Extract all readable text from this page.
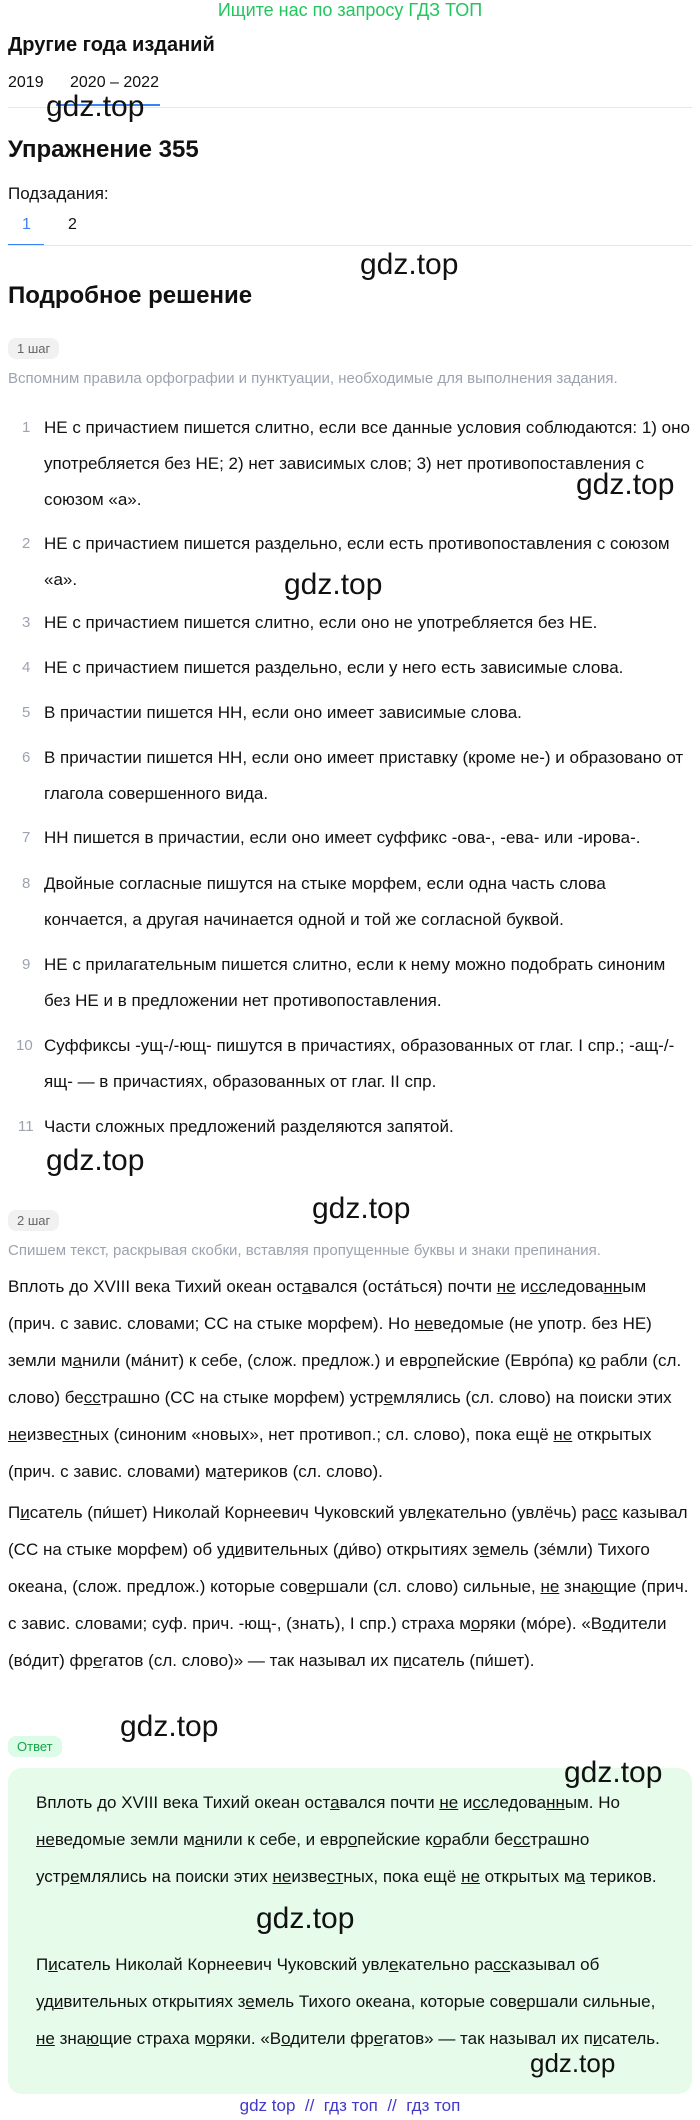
Ищите нас по запросу ГДЗ ТОП
Другие года изданий
2019 2020 – 2022
Упражнение 355
Подзадания:
1 2
Подробное решение
1 шаг
Вспомним правила орфографии и пунктуации, необходимые для выполнения задания.
1 НЕ с причастием пишется слитно, если все данные условия соблюдаются: 1) оно употребляется без НЕ; 2) нет зависимых слов; 3) нет противопоставления с союзом «а».
2 НЕ с причастием пишется раздельно, если есть противопоставления с союзом «а».
3 НЕ с причастием пишется слитно, если оно не употребляется без НЕ.
4 НЕ с причастием пишется раздельно, если у него есть зависимые слова.
5 В причастии пишется НН, если оно имеет зависимые слова.
6 В причастии пишется НН, если оно имеет приставку (кроме не-) и образовано от глагола совершенного вида.
7 НН пишется в причастии, если оно имеет суффикс -ова-, -ева- или -ирова-.
8 Двойные согласные пишутся на стыке морфем, если одна часть слова кончается, а другая начинается одной и той же согласной буквой.
9 НЕ с прилагательным пишется слитно, если к нему можно подобрать синоним без НЕ и в предложении нет противопоставления.
10 Суффиксы -ущ-/-ющ- пишутся в причастиях, образованных от глаг. I спр.; -ащ-/-ящ- — в причастиях, образованных от глаг. II спр.
11 Части сложных предложений разделяются запятой.
2 шаг
Спишем текст, раскрывая скобки, вставляя пропущенные буквы и знаки препинания.
Вплоть до XVIII века Тихий океан оставался (оста́ться) почти не исследованным (прич. с завис. словами; СС на стыке морфем). Но неведомые (не употр. без НЕ) земли манили (ма́нит) к себе, (слож. предлож.) и европейские (Евро́па) ко рабли (сл. слово) бесстрашно (СС на стыке морфем) устремлялись (сл. слово) на поиски этих неизвестных (синоним «новых», нет противоп.; сл. слово), пока ещё не открытых (прич. с завис. словами) материков (сл. слово).
Писатель (пи́шет) Николай Корнеевич Чуковский увлекательно (увлёчь) расс казывал (СС на стыке морфем) об удивительных (ди́во) открытиях земель (зе́мли) Тихого океана, (слож. предлож.) которые совершали (сл. слово) сильные, не знающие (прич. с завис. словами; суф. прич. -ющ-, (знать), I спр.) страха моряки (мо́ре). «Водители (во́дит) фрегатов (сл. слово)» — так называл их писатель (пи́шет).
Ответ
Вплоть до XVIII века Тихий океан оставался почти не исследованным. Но неведомые земли манили к себе, и европейские корабли бесстрашно устремлялись на поиски этих неизвестных, пока ещё не открытых ма териков.
Писатель Николай Корнеевич Чуковский увлекательно рассказывал об удивительных открытиях земель Тихого океана, которые совершали сильные, не знающие страха моряки. «Водители фрегатов» — так называл их писатель.
gdz.top
gdz.top
gdz.top
gdz.top
gdz.top
gdz.top
gdz.top
gdz.top
gdz.top
gdz.top
gdz top  //  гдз топ  //  гдз топ
